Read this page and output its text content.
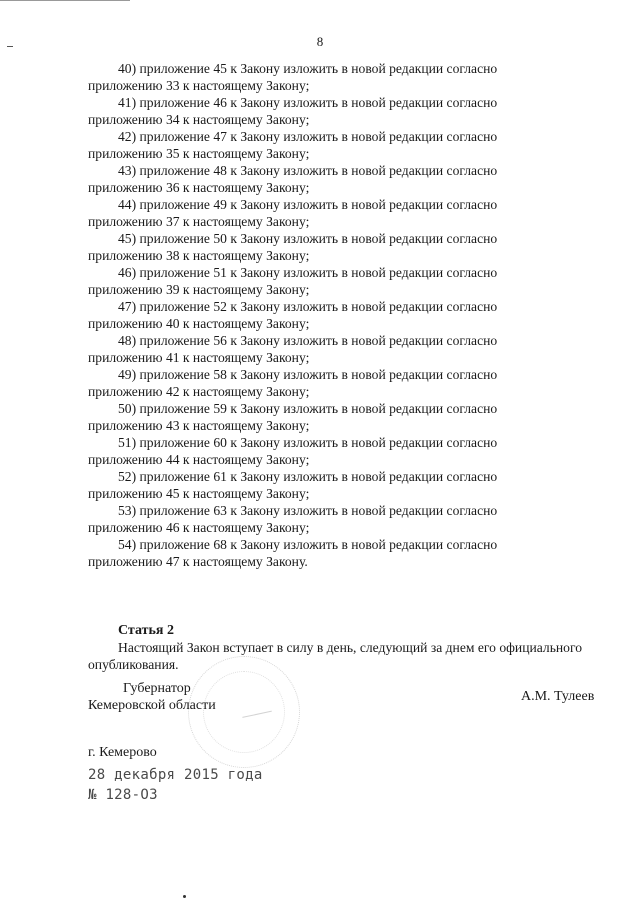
8

40) приложение 45 к Закону изложить в новой редакции согласно
приложению 33 к настоящему Закону;

41) приложение 46 к Закону изложить в новой редакции согласно
приложению 34 к настоящему Закону;

42) приложение 47 к Закону изложить в новой редакции согласно
приложению 35 к настоящему Закону;

43) приложение 48 к Закону изложить в новой редакции согласно
приложению 36 к настоящему Закону;

44) приложение 49 к Закону изложить в новой редакции согласно
приложению 37 к настоящему Закону;

45) приложение 50 к Закону изложить в новой редакции согласно
приложению 38 к настоящему Закону;

46) приложение 51 к Закону изложить в новой редакции согласно
приложению 39 к настоящему Закону;

47) приложение 52 к Закону изложить в новой редакции согласно
приложению 40 к настоящему Закону;

48) приложение 56 к Закону изложить в новой редакции согласно
приложению 41 к настоящему Закону;

49) приложение 58 к Закону изложить в новой редакции согласно
приложению 42 к настоящему Закону;

50) приложение 59 к Закону изложить в новой редакции согласно
приложению 43 к настоящему Закону;

51) приложение 60 к Закону изложить в новой редакции согласно
приложению 44 к настоящему Закону;

52) приложение 61 к Закону изложить в новой редакции согласно
приложению 45 к настоящему Закону;

53) приложение 63 к Закону изложить в новой редакции согласно
приложению 46 к настоящему Закону;

54) приложение 68 к Закону изложить в новой редакции согласно
приложению 47 к настоящему Закону.

Статья 2

Настоящий Закон вступает в силу в день, следующий за днем его официального опубликования.

Губернатор
Кемеровской области
А.М. Тулеев
г. Кемерово
28 декабря 2015 года
№ 128-ОЗ
